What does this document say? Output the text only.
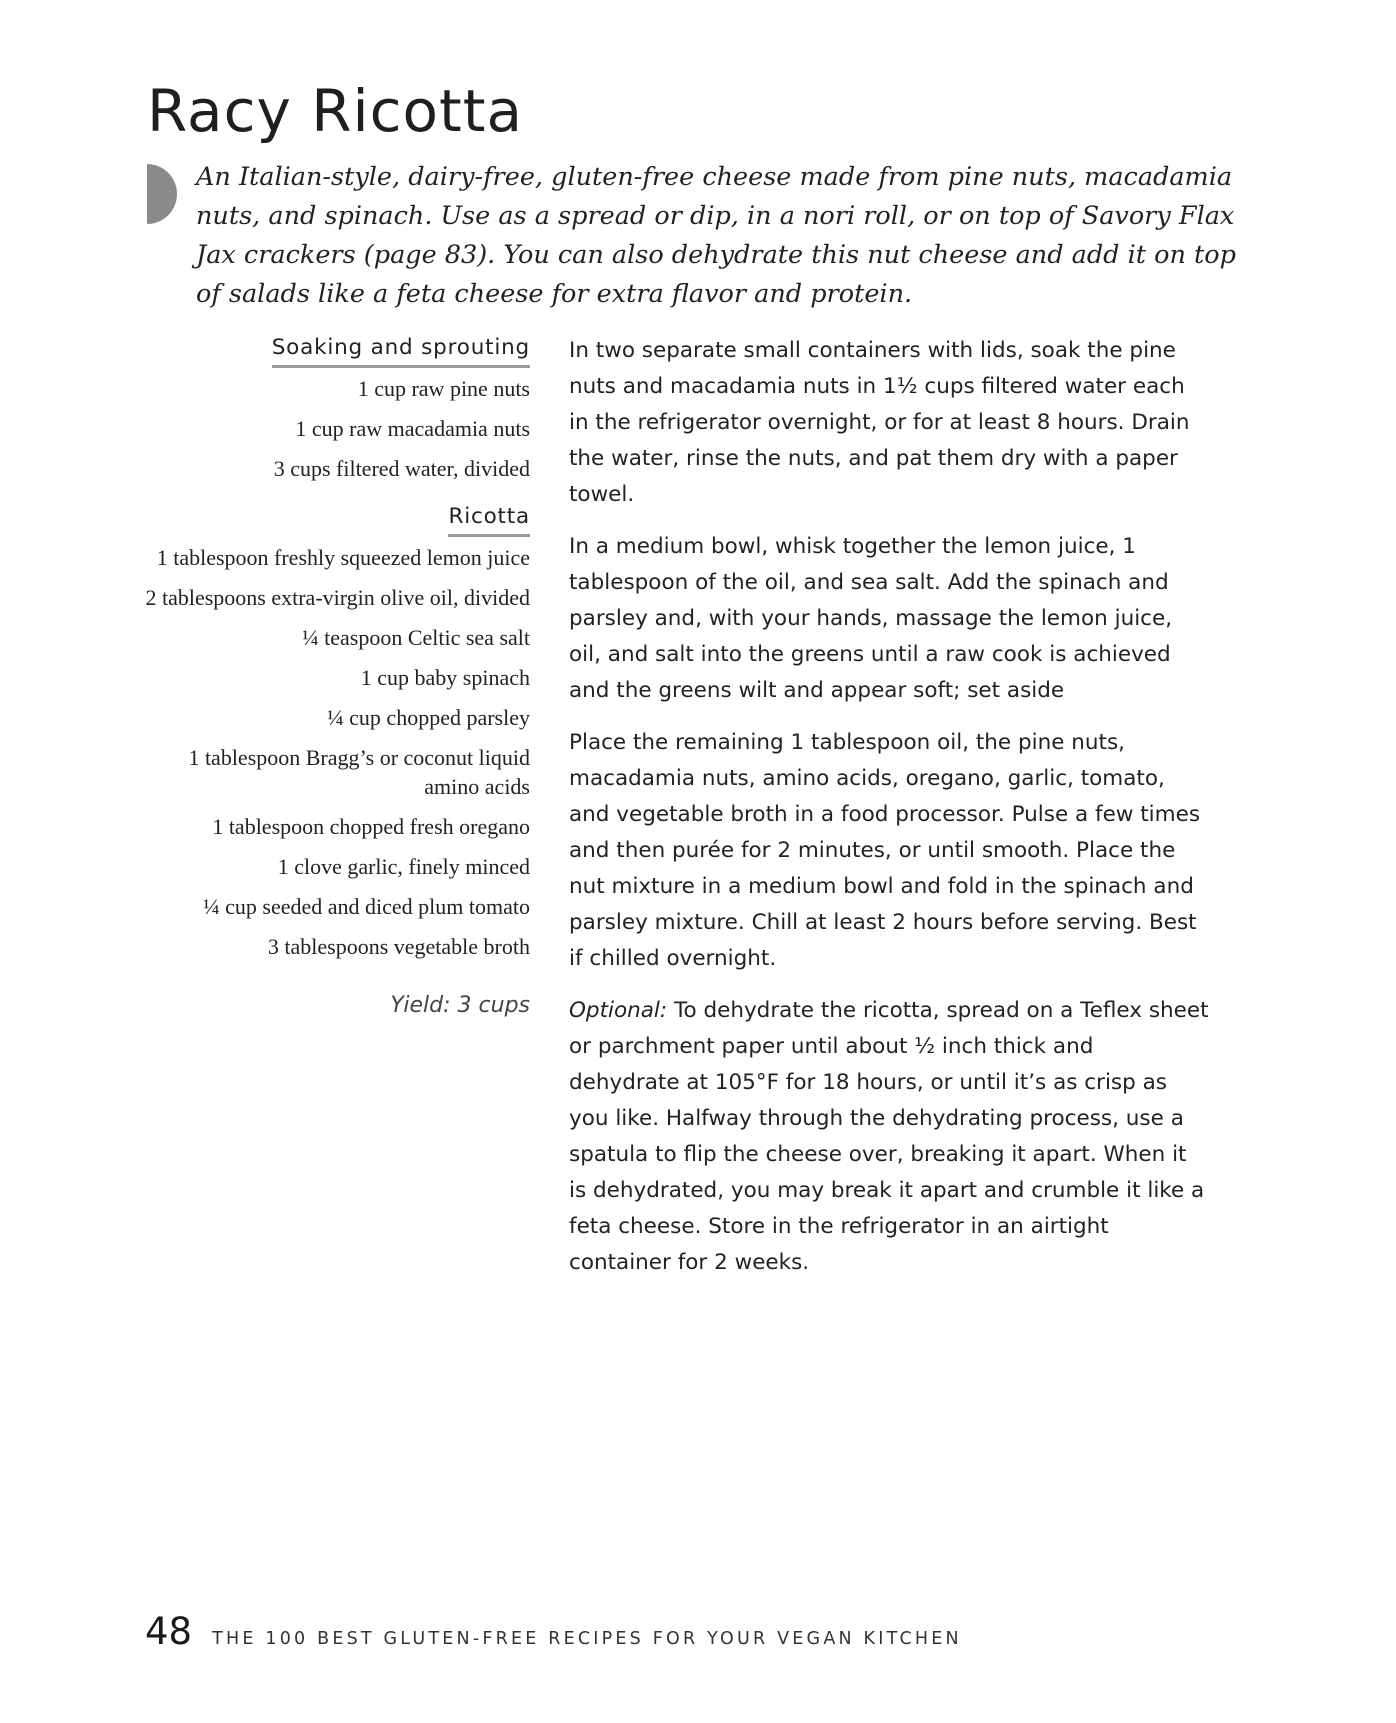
Racy Ricotta

An Italian-style, dairy-free, gluten-free cheese made from pine nuts, macadamia nuts, and spinach. Use as a spread or dip, in a nori roll, or on top of Savory Flax Jax crackers (page 83). You can also dehydrate this nut cheese and add it on top of salads like a feta cheese for extra flavor and protein.

Soaking and sprouting
1 cup raw pine nuts
1 cup raw macadamia nuts
3 cups filtered water, divided
Ricotta
1 tablespoon freshly squeezed lemon juice
2 tablespoons extra-virgin olive oil, divided
¼ teaspoon Celtic sea salt
1 cup baby spinach
¼ cup chopped parsley
1 tablespoon Bragg’s or coconut liquid amino acids
1 tablespoon chopped fresh oregano
1 clove garlic, finely minced
¼ cup seeded and diced plum tomato
3 tablespoons vegetable broth
Yield: 3 cups

In two separate small containers with lids, soak the pine nuts and macadamia nuts in 1½ cups filtered water each in the refrigerator overnight, or for at least 8 hours. Drain the water, rinse the nuts, and pat them dry with a paper towel.

In a medium bowl, whisk together the lemon juice, 1 tablespoon of the oil, and sea salt. Add the spinach and parsley and, with your hands, massage the lemon juice, oil, and salt into the greens until a raw cook is achieved and the greens wilt and appear soft; set aside

Place the remaining 1 tablespoon oil, the pine nuts, macadamia nuts, amino acids, oregano, garlic, tomato, and vegetable broth in a food processor. Pulse a few times and then purée for 2 minutes, or until smooth. Place the nut mixture in a medium bowl and fold in the spinach and parsley mixture. Chill at least 2 hours before serving. Best if chilled overnight.

Optional: To dehydrate the ricotta, spread on a Teflex sheet or parchment paper until about ½ inch thick and dehydrate at 105°F for 18 hours, or until it’s as crisp as you like. Halfway through the dehydrating process, use a spatula to flip the cheese over, breaking it apart. When it is dehydrated, you may break it apart and crumble it like a feta cheese. Store in the refrigerator in an airtight container for 2 weeks.

48 THE 100 BEST GLUTEN-FREE RECIPES FOR YOUR VEGAN KITCHEN
